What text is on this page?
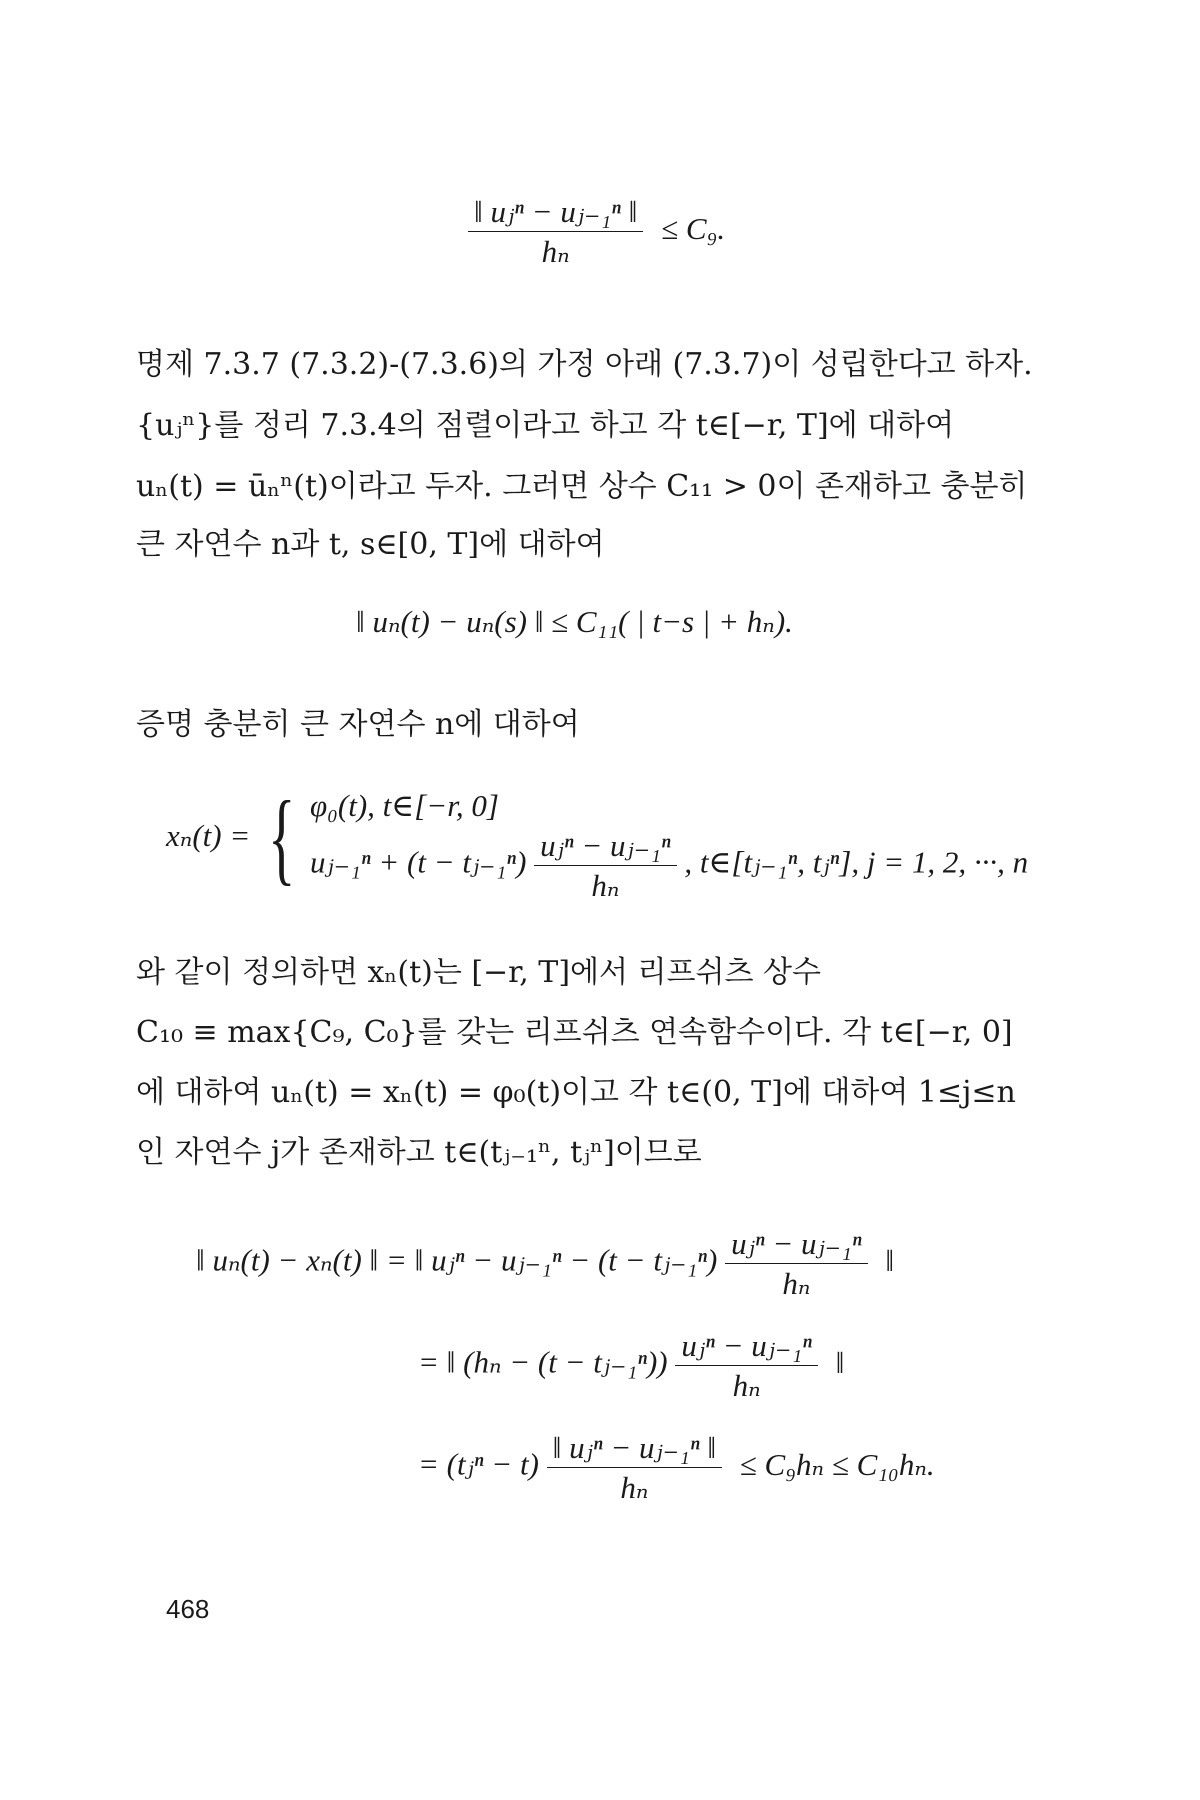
$\frac{\text{‖ uⱼⁿ − uⱼ₋₁ⁿ ‖}}{\text{hₙ}} \le C_9$.
명제 7.3.7 (7.3.2)-(7.3.6)의 가정 아래 (7.3.7)이 성립한다고 하자.
{uⱼⁿ}를 정리 7.3.4의 점렬이라고 하고 각 t∈[−r, T]에 대하여
uₙ(t) = ūₙⁿ(t)이라고 두자. 그러면 상수 C₁₁ > 0이 존재하고 충분히
큰 자연수 n과 t, s∈[0, T]에 대하여
‖ uₙ(t) − uₙ(s) ‖ ≤ C₁₁( | t−s | + hₙ).
증명 충분히 큰 자연수 n에 대하여
xₙ(t) = { φ₀(t), t∈[−r, 0]
uⱼ₋₁ⁿ + (t − tⱼ₋₁ⁿ) $\frac{\text{uⱼⁿ − uⱼ₋₁ⁿ}}{\text{hₙ}}$ , t∈[tⱼ₋₁ⁿ, tⱼⁿ], j = 1, 2, ···, n
와 같이 정의하면 xₙ(t)는 [−r, T]에서 리프쉬츠 상수
C₁₀ ≡ max{C₉, C₀}를 갖는 리프쉬츠 연속함수이다. 각 t∈[−r, 0]
에 대하여 uₙ(t) = xₙ(t) = φ₀(t)이고 각 t∈(0, T]에 대하여 1≤j≤n
인 자연수 j가 존재하고 t∈(tⱼ₋₁ⁿ, tⱼⁿ]이므로
‖ uₙ(t) − xₙ(t) ‖ = ‖ uⱼⁿ − uⱼ₋₁ⁿ − (t − tⱼ₋₁ⁿ) $\frac{\text{uⱼⁿ − uⱼ₋₁ⁿ}}{\text{hₙ}}$ ‖
= ‖ (hₙ − (t − tⱼ₋₁ⁿ)) $\frac{\text{uⱼⁿ − uⱼ₋₁ⁿ}}{\text{hₙ}}$ ‖
= (tⱼⁿ − $t) \frac{\text{‖ uⱼⁿ − uⱼ₋₁ⁿ ‖}}{\text{hₙ}} \le C_9h_n \le C_{10}h_n$.
468
